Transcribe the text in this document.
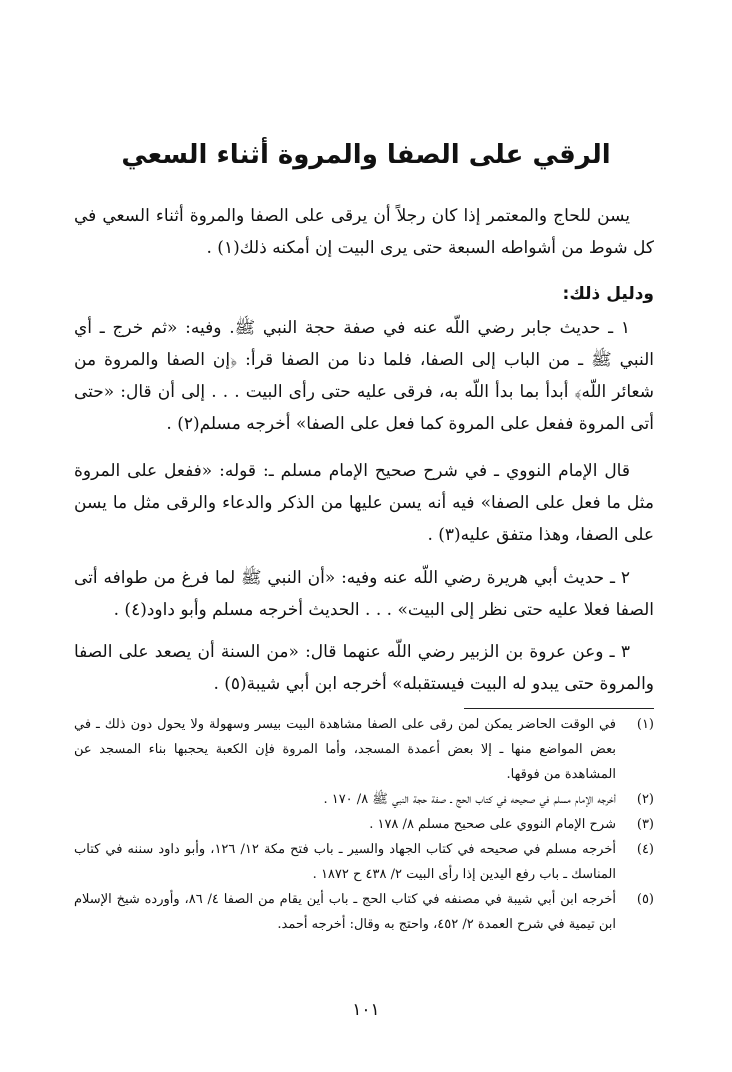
الرقي على الصفا والمروة أثناء السعي
يسن للحاج والمعتمر إذا كان رجلاً أن يرقى على الصفا والمروة أثناء السعي في كل شوط من أشواطه السبعة حتى يرى البيت إن أمكنه ذلك(١) .
ودليل ذلك:
١ ـ حديث جابر رضي اللّه عنه في صفة حجة النبي ﷺ. وفيه: «ثم خرج ـ أي النبي ﷺ ـ من الباب إلى الصفا، فلما دنا من الصفا قرأ: ﴿إن الصفا والمروة من شعائر اللّه﴾ أبدأ بما بدأ اللّه به، فرقى عليه حتى رأى البيت . . . إلى أن قال: «حتى أتى المروة ففعل على المروة كما فعل على الصفا» أخرجه مسلم(٢) .
قال الإمام النووي ـ في شرح صحيح الإمام مسلم ـ: قوله: «ففعل على المروة مثل ما فعل على الصفا» فيه أنه يسن عليها من الذكر والدعاء والرقى مثل ما يسن على الصفا، وهذا متفق عليه(٣) .
٢ ـ حديث أبي هريرة رضي اللّه عنه وفيه: «أن النبي ﷺ لما فرغ من طوافه أتى الصفا فعلا عليه حتى نظر إلى البيت» . . . الحديث أخرجه مسلم وأبو داود(٤) .
٣ ـ وعن عروة بن الزبير رضي اللّه عنهما قال: «من السنة أن يصعد على الصفا والمروة حتى يبدو له البيت فيستقبله» أخرجه ابن أبي شيبة(٥) .
(١)
في الوقت الحاضر يمكن لمن رقى على الصفا مشاهدة البيت بيسر وسهولة ولا يحول دون ذلك ـ في بعض المواضع منها ـ إلا بعض أعمدة المسجد، وأما المروة فإن الكعبة يحجبها بناء المسجد عن المشاهدة من فوقها.
(٢)
أخرجه الإمام مسلم في صحيحه في كتاب الحج ـ صفة حجة النبي ﷺ ٨/ ١٧٠ .
(٣)
شرح الإمام النووي على صحيح مسلم ٨/ ١٧٨ .
(٤)
أخرجه مسلم في صحيحه في كتاب الجهاد والسير ـ باب فتح مكة ١٢/ ١٢٦، وأبو داود سننه في كتاب المناسك ـ باب رفع اليدين إذا رأى البيت ٢/ ٤٣٨ ح ١٨٧٢ .
(٥)
أخرجه ابن أبي شيبة في مصنفه في كتاب الحج ـ باب أين يقام من الصفا ٤/ ٨٦، وأورده شيخ الإسلام ابن تيمية في شرح العمدة ٢/ ٤٥٢، واحتج به وقال: أخرجه أحمد.
١٠١
